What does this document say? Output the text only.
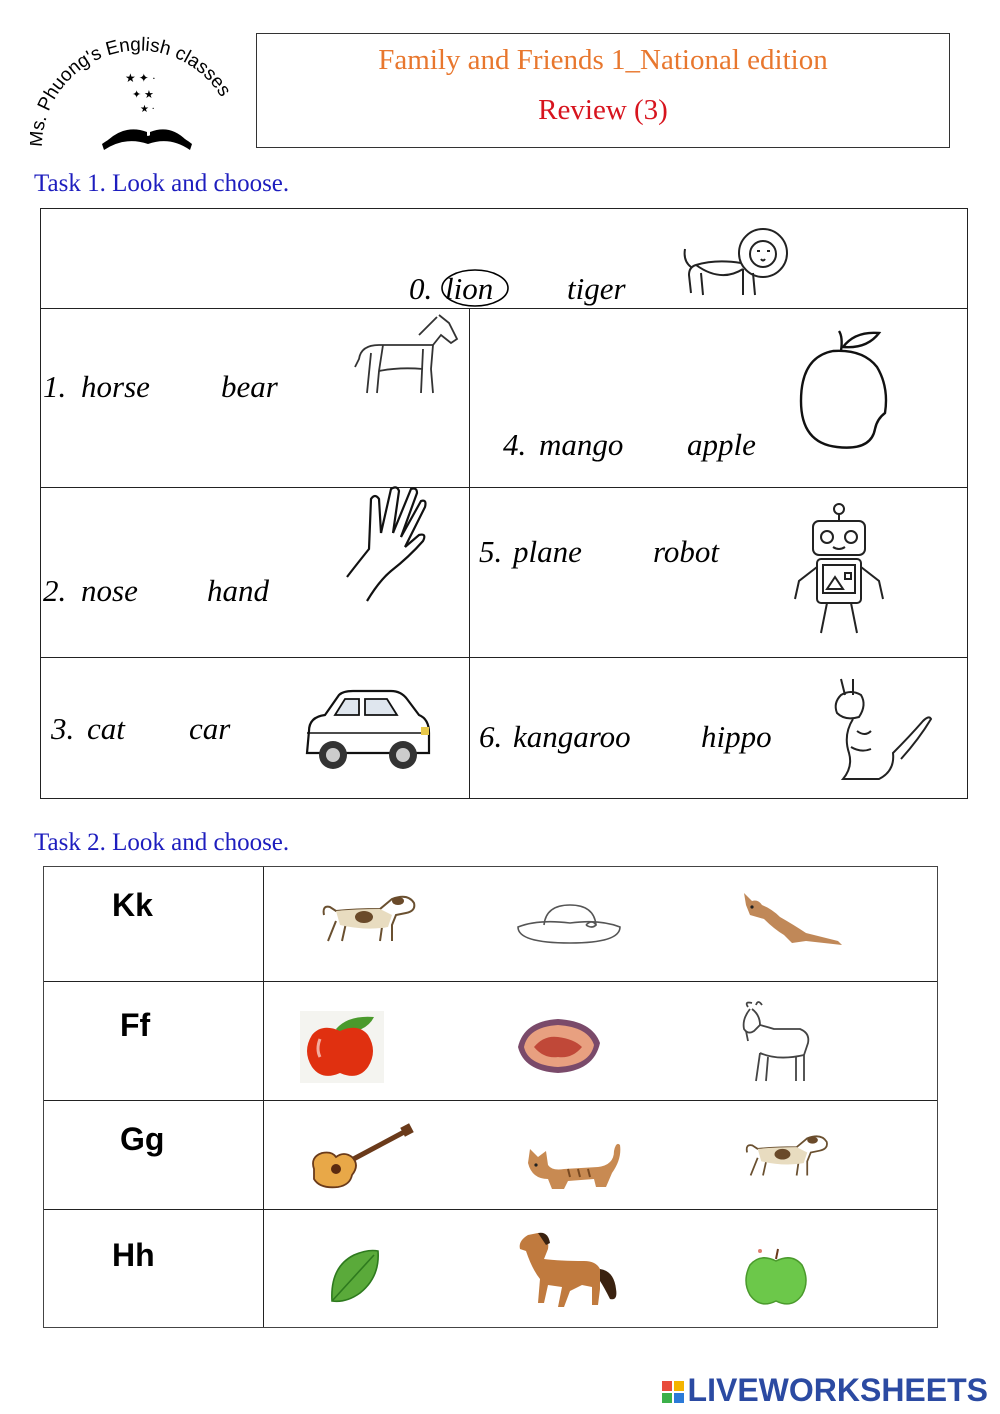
. Phuong's English classes
★ ✦ ·
✦ ★
★ ·
Family and Friends 1_National edition
Review (3)
Task 1. Look and choose.
0. lion tiger
1. horse bear
2. nose hand
3. cat car
4. mango apple
5. plane robot
6. kangaroo hippo
Task 2. Look and choose.
Kk
Ff
Gg
Hh
LIVEWORKSHEETS
